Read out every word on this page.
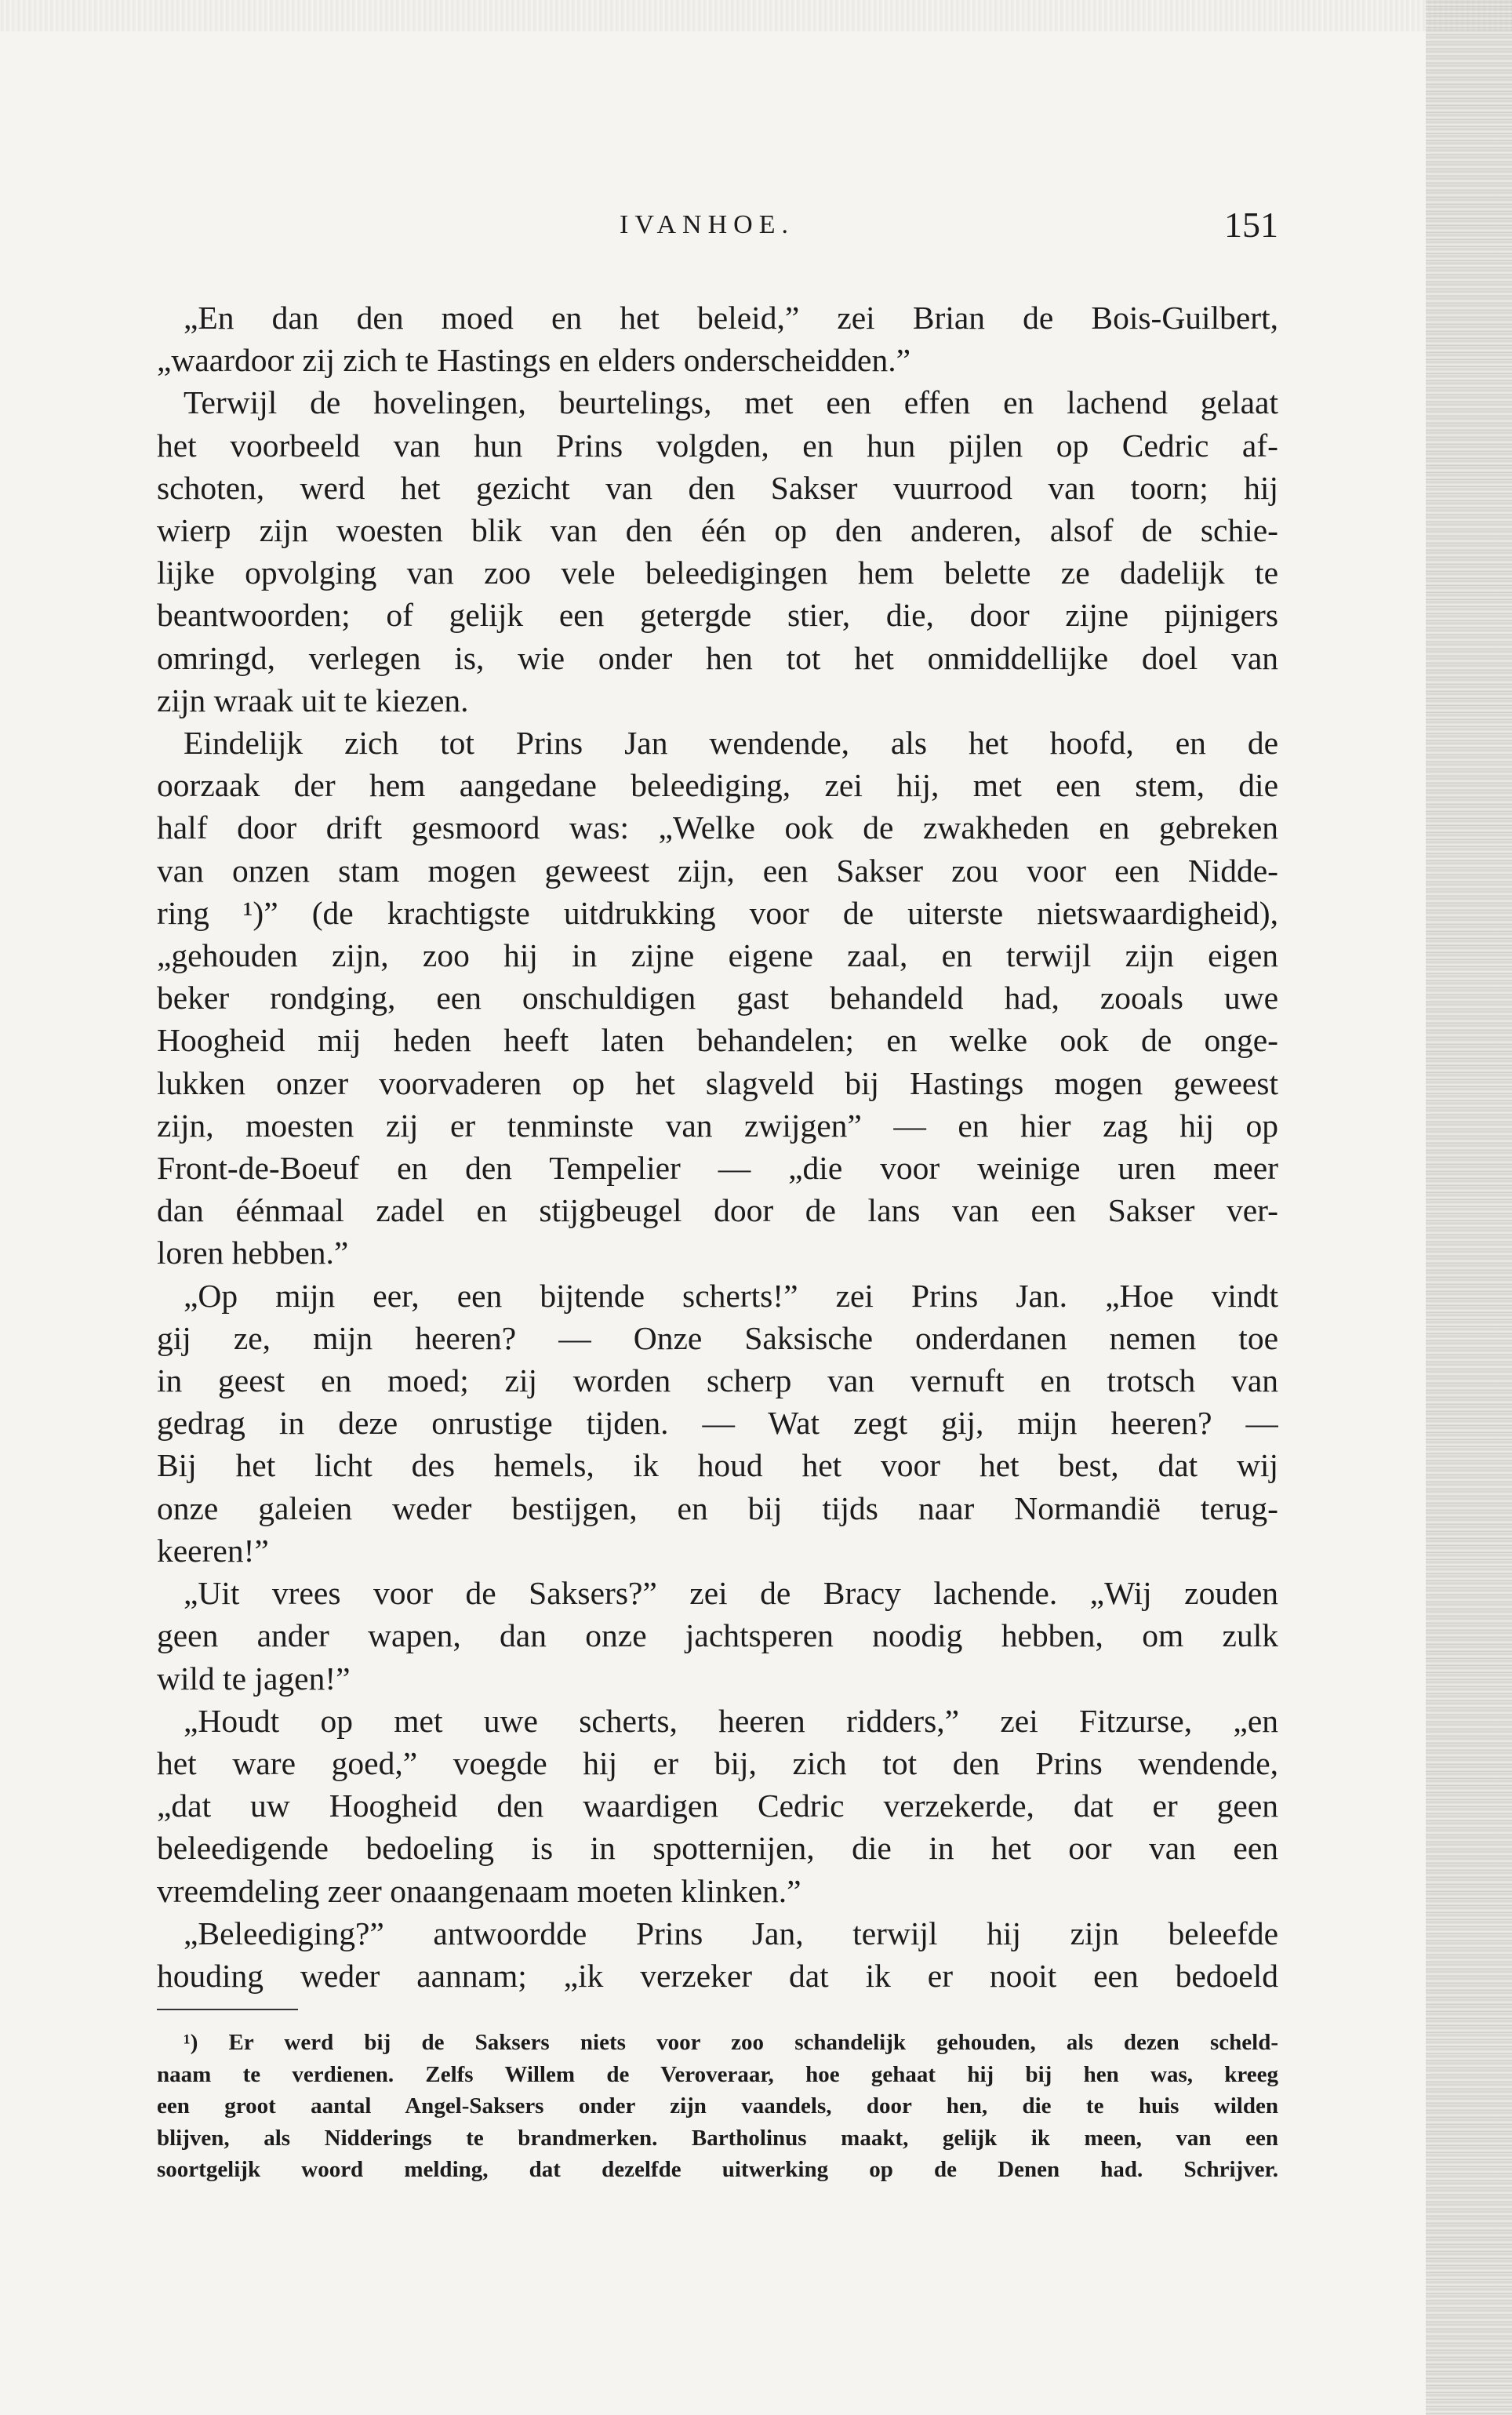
IVANHOE.	151
„En dan den moed en het beleid,” zei Brian de Bois-Guilbert,
„waardoor zij zich te Hastings en elders onderscheidden.”
Terwijl de hovelingen, beurtelings, met een effen en lachend gelaat
het voorbeeld van hun Prins volgden, en hun pijlen op Cedric af-
schoten, werd het gezicht van den Sakser vuurrood van toorn; hij
wierp zijn woesten blik van den één op den anderen, alsof de schie-
lijke opvolging van zoo vele beleedigingen hem belette ze dadelijk te
beantwoorden; of gelijk een getergde stier, die, door zijne pijnigers
omringd, verlegen is, wie onder hen tot het onmiddellijke doel van
zijn wraak uit te kiezen.
Eindelijk zich tot Prins Jan wendende, als het hoofd, en de
oorzaak der hem aangedane beleediging, zei hij, met een stem, die
half door drift gesmoord was: „Welke ook de zwakheden en gebreken
van onzen stam mogen geweest zijn, een Sakser zou voor een Nidde-
ring ¹)” (de krachtigste uitdrukking voor de uiterste nietswaardigheid),
„gehouden zijn, zoo hij in zijne eigene zaal, en terwijl zijn eigen
beker rondging, een onschuldigen gast behandeld had, zooals uwe
Hoogheid mij heden heeft laten behandelen; en welke ook de onge-
lukken onzer voorvaderen op het slagveld bij Hastings mogen geweest
zijn, moesten zij er tenminste van zwijgen” — en hier zag hij op
Front-de-Boeuf en den Tempelier — „die voor weinige uren meer
dan éénmaal zadel en stijgbeugel door de lans van een Sakser ver-
loren hebben.”
„Op mijn eer, een bijtende scherts!” zei Prins Jan. „Hoe vindt
gij ze, mijn heeren? — Onze Saksische onderdanen nemen toe
in geest en moed; zij worden scherp van vernuft en trotsch van
gedrag in deze onrustige tijden. — Wat zegt gij, mijn heeren? —
Bij het licht des hemels, ik houd het voor het best, dat wij
onze galeien weder bestijgen, en bij tijds naar Normandië terug-
keeren!”
„Uit vrees voor de Saksers?” zei de Bracy lachende. „Wij zouden
geen ander wapen, dan onze jachtsperen noodig hebben, om zulk
wild te jagen!”
„Houdt op met uwe scherts, heeren ridders,” zei Fitzurse, „en
het ware goed,” voegde hij er bij, zich tot den Prins wendende,
„dat uw Hoogheid den waardigen Cedric verzekerde, dat er geen
beleedigende bedoeling is in spotternijen, die in het oor van een
vreemdeling zeer onaangenaam moeten klinken.”
„Beleediging?” antwoordde Prins Jan, terwijl hij zijn beleefde
houding weder aannam; „ik verzeker dat ik er nooit een bedoeld
¹) Er werd bij de Saksers niets voor zoo schandelijk gehouden, als dezen scheld-
naam te verdienen. Zelfs Willem de Veroveraar, hoe gehaat hij bij hen was, kreeg
een groot aantal Angel-Saksers onder zijn vaandels, door hen, die te huis wilden
blijven, als Nidderings te brandmerken. Bartholinus maakt, gelijk ik meen, van een
soortgelijk woord melding, dat dezelfde uitwerking op de Denen had. Schrijver.
